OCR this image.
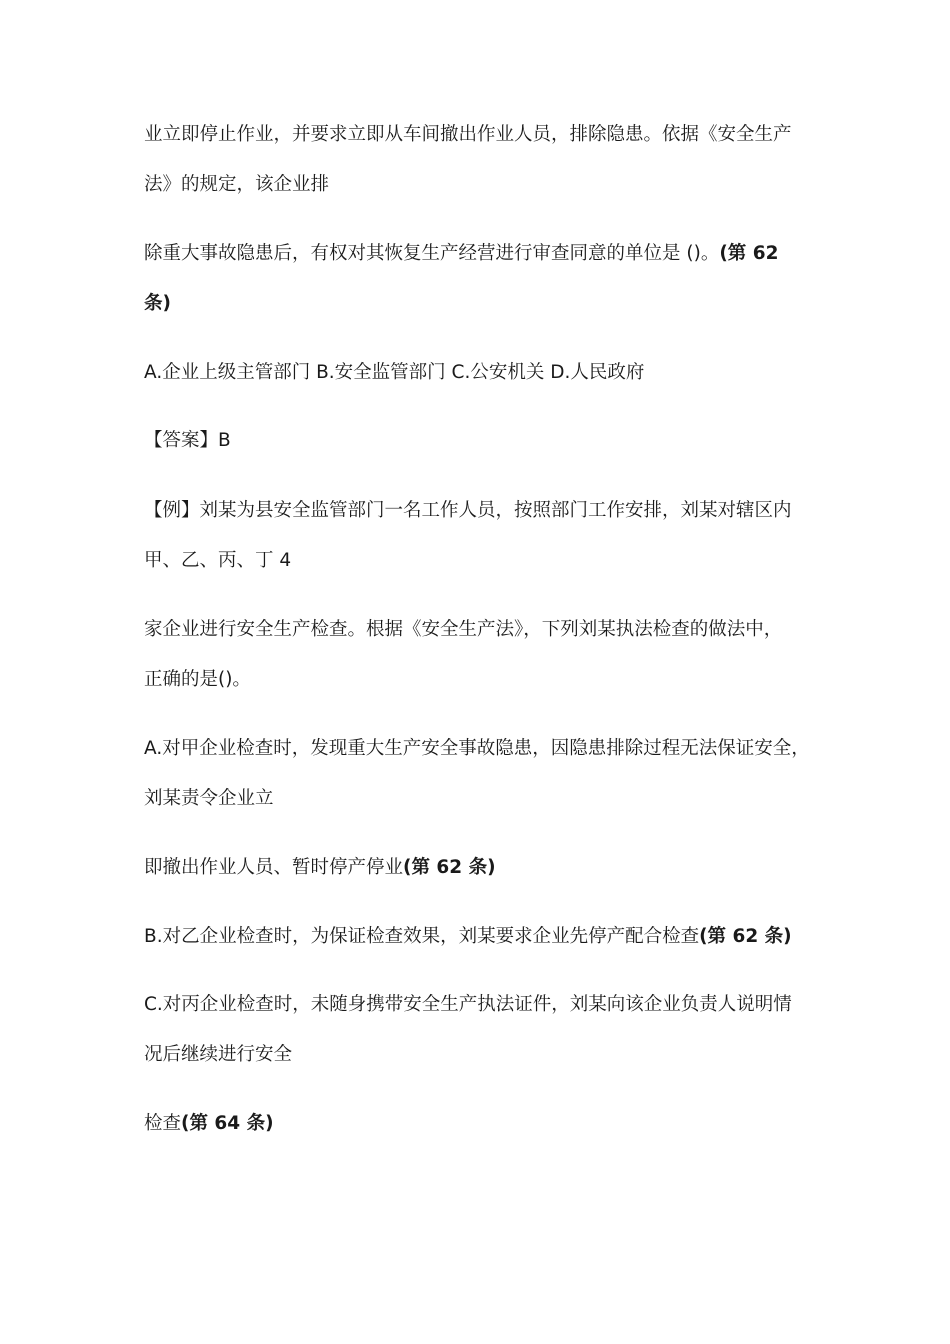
业立即停止作业，并要求立即从车间撤出作业人员，排除隐患。依据《安全生产
法》的规定，该企业排
除重大事故隐患后，有权对其恢复生产经营进行审查同意的单位是 ()。(第 62
条)
A.企业上级主管部门 B.安全监管部门 C.公安机关 D.人民政府
【答案】B
【例】刘某为县安全监管部门一名工作人员，按照部门工作安排，刘某对辖区内
甲、乙、丙、丁 4
家企业进行安全生产检查。根据《安全生产法》，下列刘某执法检查的做法中，
正确的是()。
A.对甲企业检查时，发现重大生产安全事故隐患，因隐患排除过程无法保证安全，
刘某责令企业立
即撤出作业人员、暂时停产停业(第 62 条)
B.对乙企业检查时，为保证检查效果，刘某要求企业先停产配合检查(第 62 条)
C.对丙企业检查时，未随身携带安全生产执法证件，刘某向该企业负责人说明情
况后继续进行安全
检查(第 64 条)
